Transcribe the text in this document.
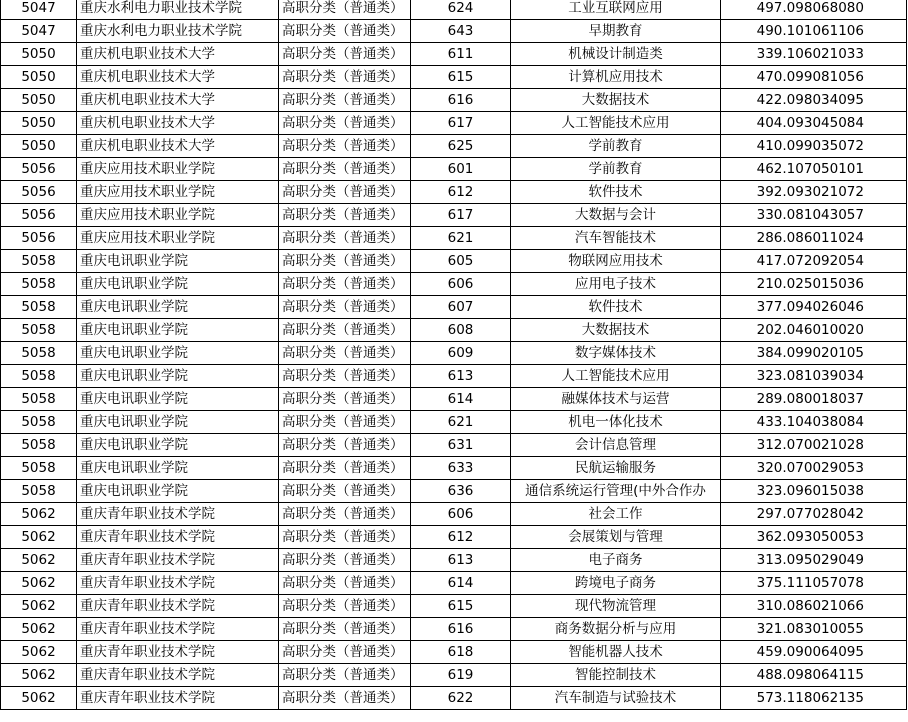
5047	重庆水利电力职业技术学院	高职分类（普通类）	624	工业互联网应用	497.098068080
5047	重庆水利电力职业技术学院	高职分类（普通类）	643	早期教育	490.101061106
5050	重庆机电职业技术大学	高职分类（普通类）	611	机械设计制造类	339.106021033
5050	重庆机电职业技术大学	高职分类（普通类）	615	计算机应用技术	470.099081056
5050	重庆机电职业技术大学	高职分类（普通类）	616	大数据技术	422.098034095
5050	重庆机电职业技术大学	高职分类（普通类）	617	人工智能技术应用	404.093045084
5050	重庆机电职业技术大学	高职分类（普通类）	625	学前教育	410.099035072
5056	重庆应用技术职业学院	高职分类（普通类）	601	学前教育	462.107050101
5056	重庆应用技术职业学院	高职分类（普通类）	612	软件技术	392.093021072
5056	重庆应用技术职业学院	高职分类（普通类）	617	大数据与会计	330.081043057
5056	重庆应用技术职业学院	高职分类（普通类）	621	汽车智能技术	286.086011024
5058	重庆电讯职业学院	高职分类（普通类）	605	物联网应用技术	417.072092054
5058	重庆电讯职业学院	高职分类（普通类）	606	应用电子技术	210.025015036
5058	重庆电讯职业学院	高职分类（普通类）	607	软件技术	377.094026046
5058	重庆电讯职业学院	高职分类（普通类）	608	大数据技术	202.046010020
5058	重庆电讯职业学院	高职分类（普通类）	609	数字媒体技术	384.099020105
5058	重庆电讯职业学院	高职分类（普通类）	613	人工智能技术应用	323.081039034
5058	重庆电讯职业学院	高职分类（普通类）	614	融媒体技术与运营	289.080018037
5058	重庆电讯职业学院	高职分类（普通类）	621	机电一体化技术	433.104038084
5058	重庆电讯职业学院	高职分类（普通类）	631	会计信息管理	312.070021028
5058	重庆电讯职业学院	高职分类（普通类）	633	民航运输服务	320.070029053
5058	重庆电讯职业学院	高职分类（普通类）	636	通信系统运行管理(中外合作办	323.096015038
5062	重庆青年职业技术学院	高职分类（普通类）	606	社会工作	297.077028042
5062	重庆青年职业技术学院	高职分类（普通类）	612	会展策划与管理	362.093050053
5062	重庆青年职业技术学院	高职分类（普通类）	613	电子商务	313.095029049
5062	重庆青年职业技术学院	高职分类（普通类）	614	跨境电子商务	375.111057078
5062	重庆青年职业技术学院	高职分类（普通类）	615	现代物流管理	310.086021066
5062	重庆青年职业技术学院	高职分类（普通类）	616	商务数据分析与应用	321.083010055
5062	重庆青年职业技术学院	高职分类（普通类）	618	智能机器人技术	459.090064095
5062	重庆青年职业技术学院	高职分类（普通类）	619	智能控制技术	488.098064115
5062	重庆青年职业技术学院	高职分类（普通类）	622	汽车制造与试验技术	573.118062135
